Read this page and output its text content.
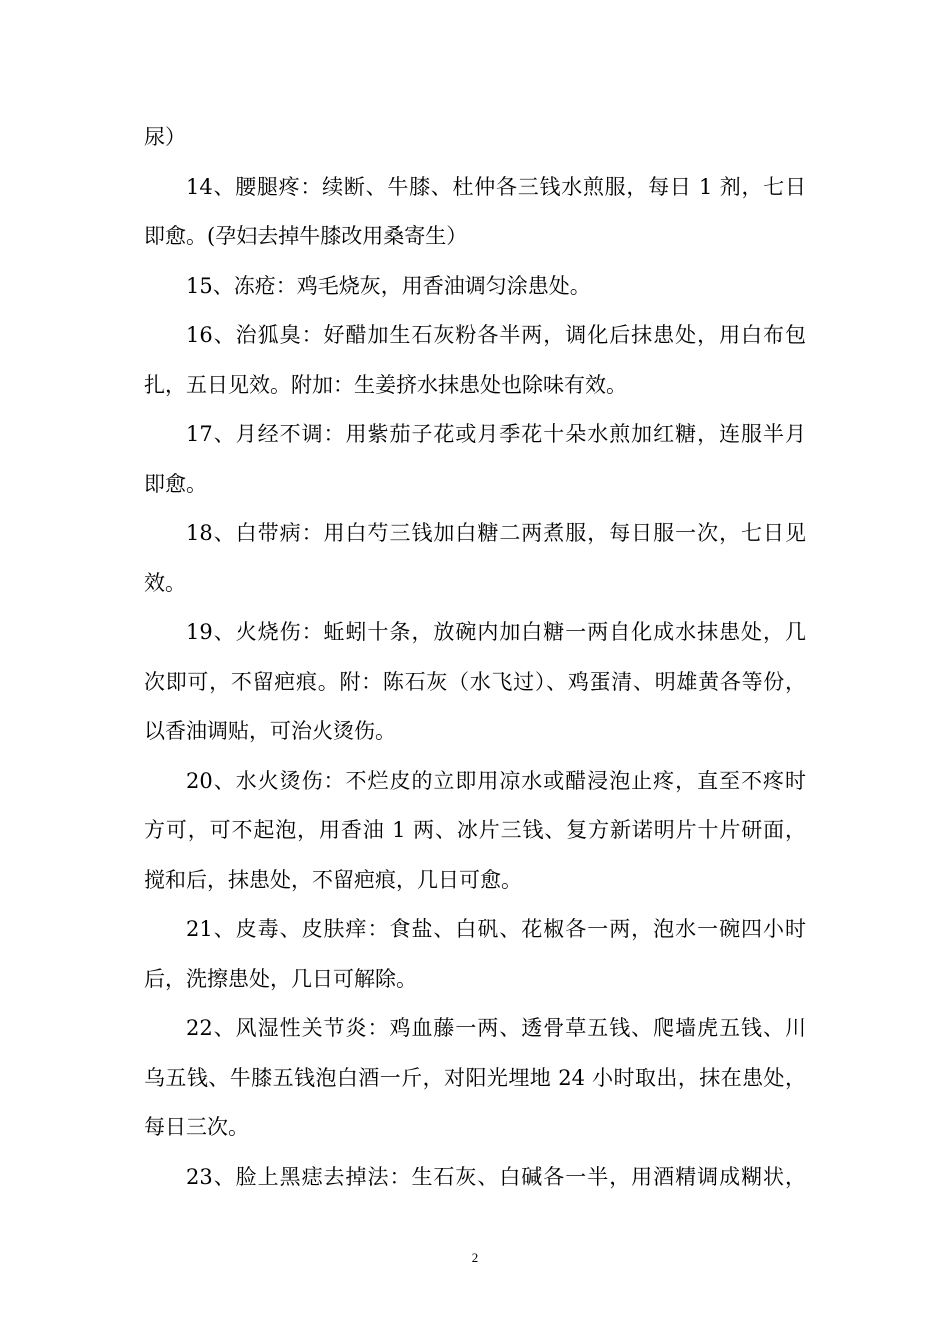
尿）
14、腰腿疼：续断、牛膝、杜仲各三钱水煎服，每日 1 剂，七日
即愈。(孕妇去掉牛膝改用桑寄生）
15、冻疮：鸡毛烧灰，用香油调匀涂患处。
16、治狐臭：好醋加生石灰粉各半两，调化后抹患处，用白布包
扎，五日见效。附加：生姜挤水抹患处也除味有效。
17、月经不调：用紫茄子花或月季花十朵水煎加红糖，连服半月
即愈。
18、白带病：用白芍三钱加白糖二两煮服，每日服一次，七日见
效。
19、火烧伤：蚯蚓十条，放碗内加白糖一两自化成水抹患处，几
次即可，不留疤痕。附：陈石灰（水飞过）、鸡蛋清、明雄黄各等份，
以香油调贴，可治火烫伤。
20、水火烫伤：不烂皮的立即用凉水或醋浸泡止疼，直至不疼时
方可，可不起泡，用香油 1 两、冰片三钱、复方新诺明片十片研面，
搅和后，抹患处，不留疤痕，几日可愈。
21、皮毒、皮肤痒：食盐、白矾、花椒各一两，泡水一碗四小时
后，洗擦患处，几日可解除。
22、风湿性关节炎：鸡血藤一两、透骨草五钱、爬墙虎五钱、川
乌五钱、牛膝五钱泡白酒一斤，对阳光埋地 24 小时取出，抹在患处，
每日三次。
23、脸上黑痣去掉法：生石灰、白碱各一半，用酒精调成糊状，
2
